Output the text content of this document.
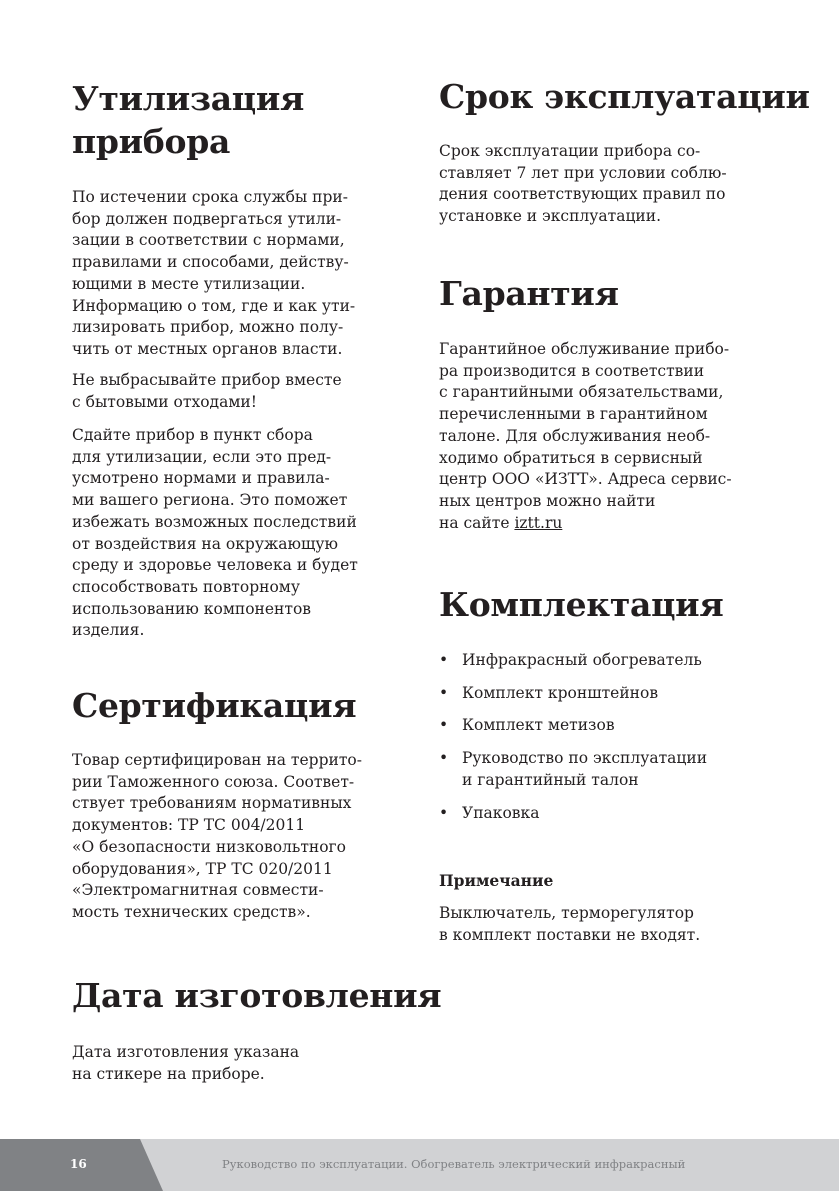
Утилизация
прибора

По истечении срока службы при-
бор должен подвергаться утили-
зации в соответствии с нормами,
правилами и способами, действу-
ющими в месте утилизации.
Информацию о том, где и как ути-
лизировать прибор, можно полу-
чить от местных органов власти.

Не выбрасывайте прибор вместе
с бытовыми отходами!

Сдайте прибор в пункт сбора
для утилизации, если это пред-
усмотрено нормами и правила-
ми вашего региона. Это поможет
избежать возможных последствий
от воздействия на окружающую
среду и здоровье человека и будет
способствовать повторному
использованию компонентов
изделия.

Сертификация

Товар сертифицирован на террито-
рии Таможенного союза. Соответ-
ствует требованиям нормативных
документов: ТР ТС 004/2011
«О безопасности низковольтного
оборудования», ТР ТС 020/2011
«Электромагнитная совмести-
мость технических средств».

Дата изготовления

Дата изготовления указана
на стикере на приборе.

Срок эксплуатации

Срок эксплуатации прибора со-
ставляет 7 лет при условии соблю-
дения соответствующих правил по
установке и эксплуатации.

Гарантия

Гарантийное обслуживание прибо-
ра производится в соответствии
с гарантийными обязательствами,
перечисленными в гарантийном
талоне. Для обслуживания необ-
ходимо обратиться в сервисный
центр ООО «ИЗТТ». Адреса сервис-
ных центров можно найти
на сайте iztt.ru

Комплектация
• Инфракрасный обогреватель
• Комплект кронштейнов
• Комплект метизов
• Руководство по эксплуатации
и гарантийный талон
• Упаковка

Примечание

Выключатель, терморегулятор
в комплект поставки не входят.

16	Руководство по эксплуатации. Обогреватель электрический инфракрасный
